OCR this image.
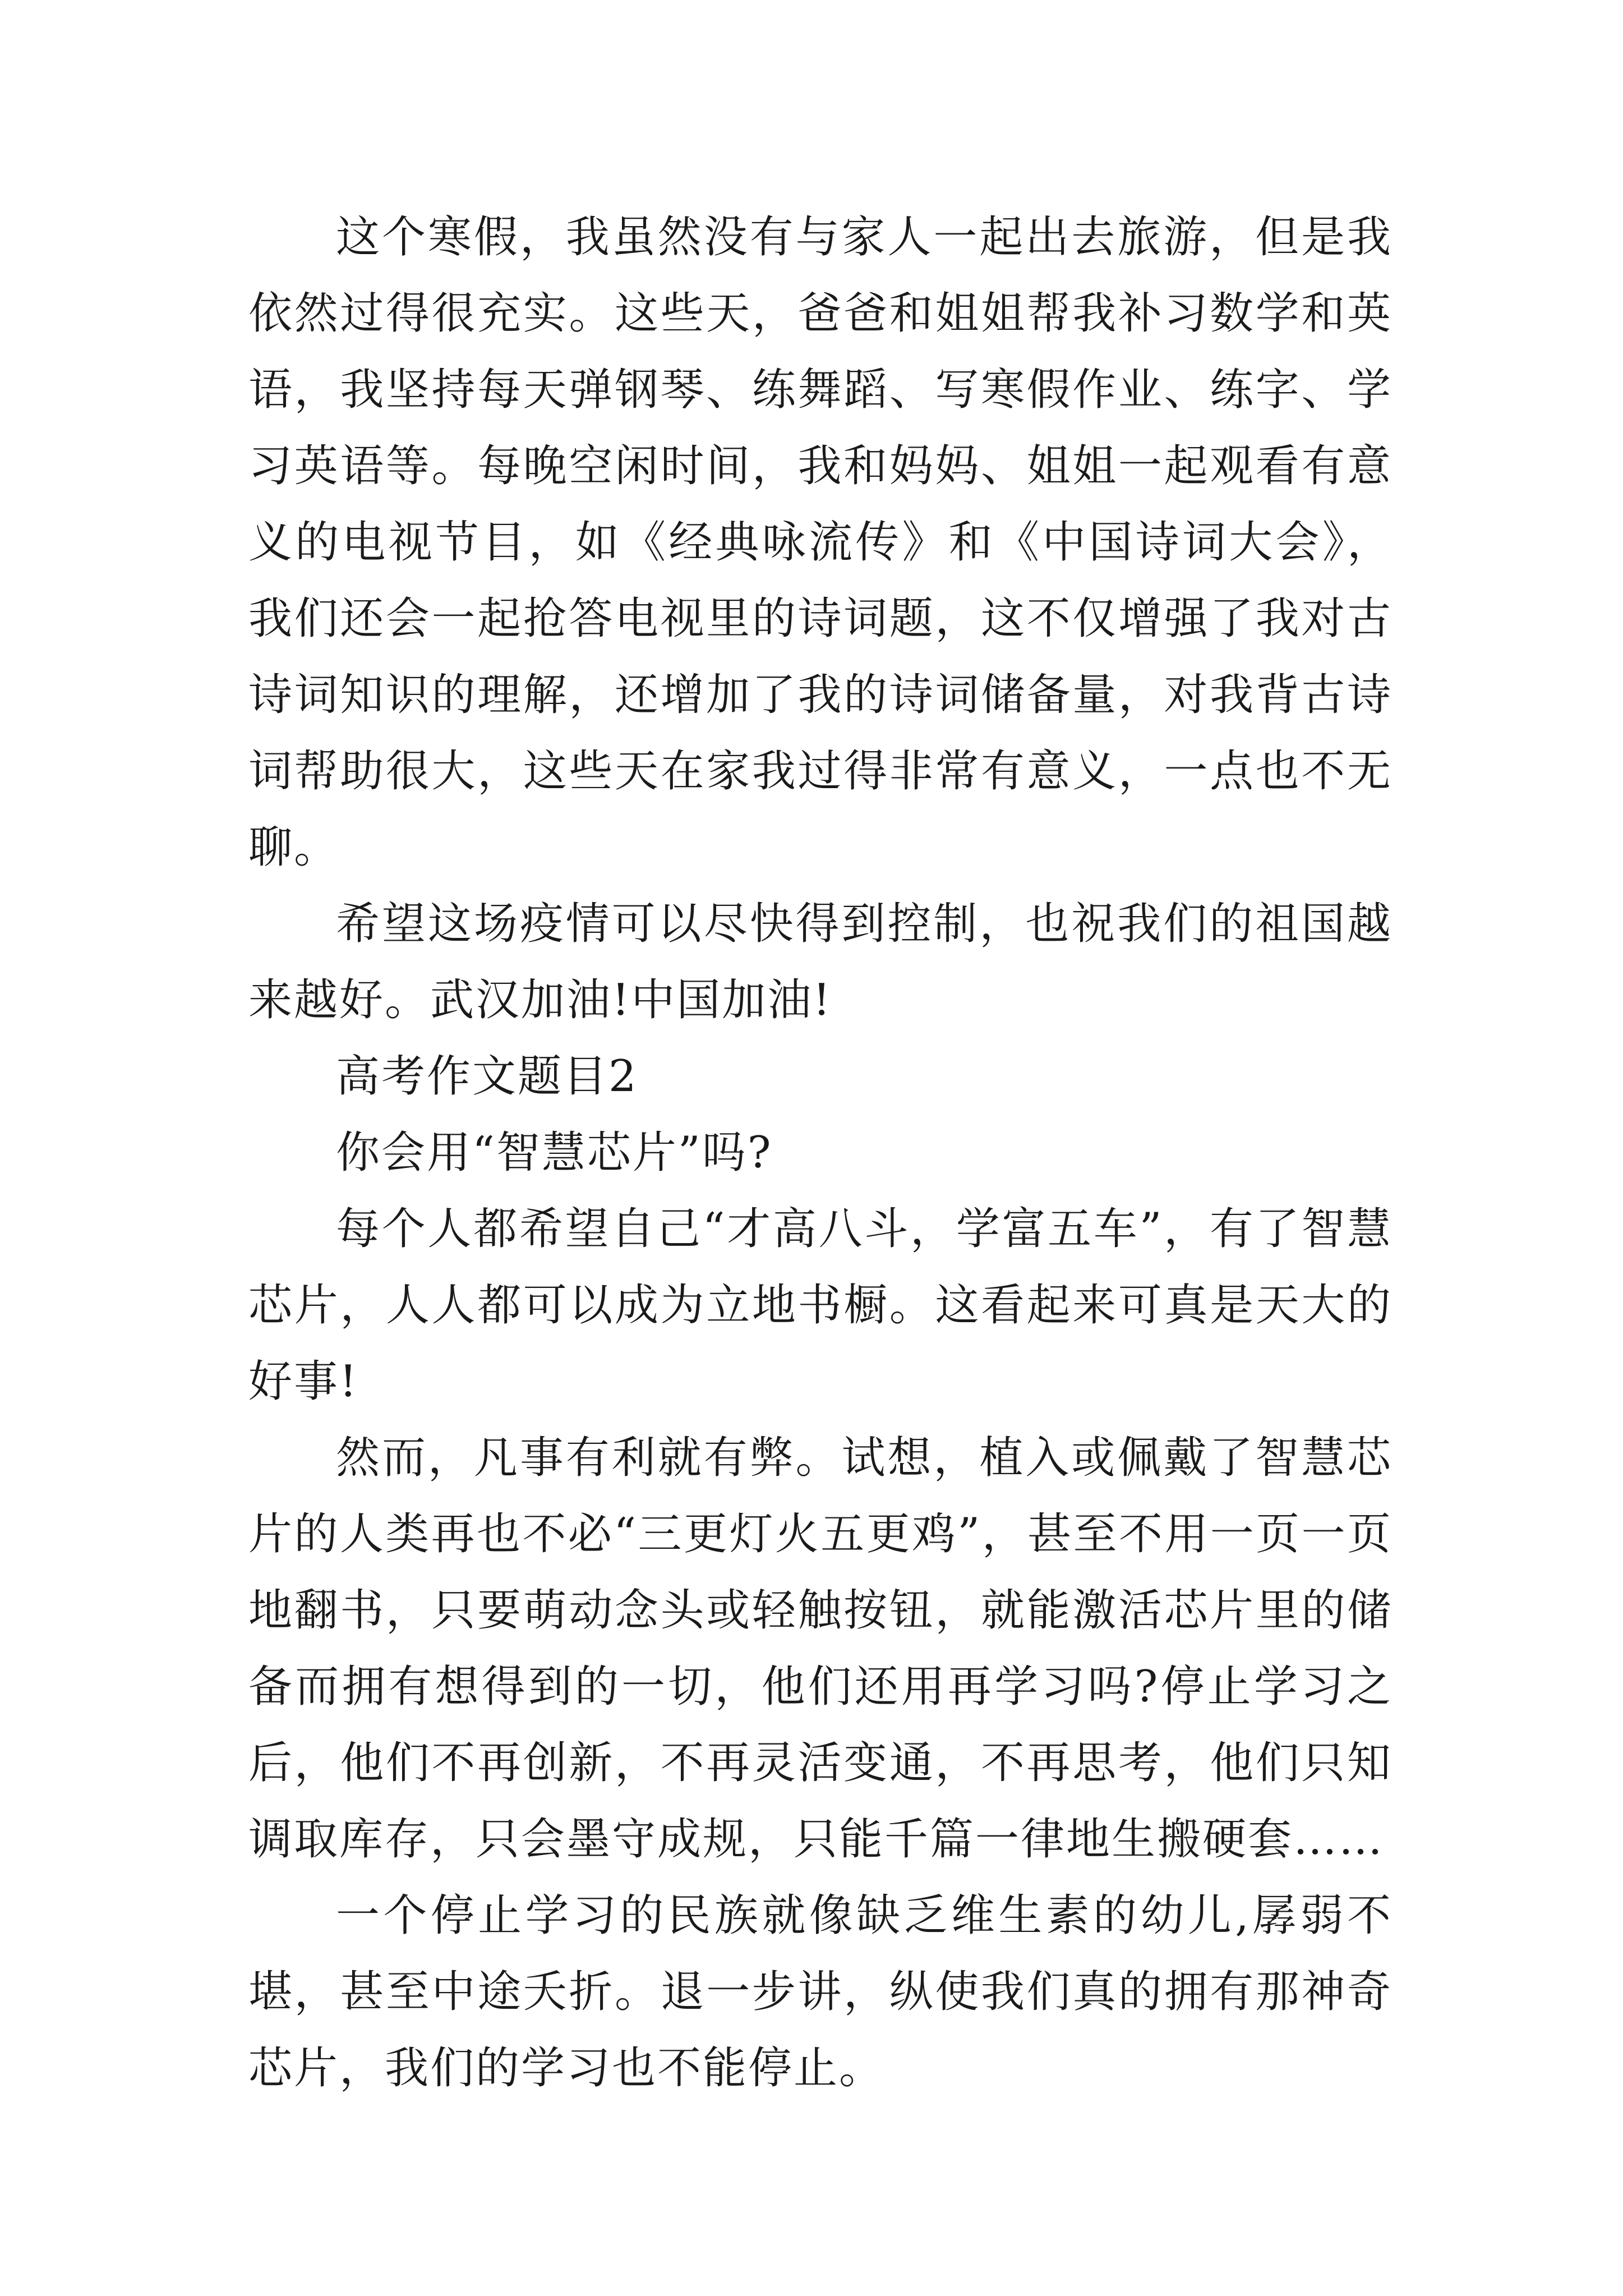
这个寒假，我虽然没有与家人一起出去旅游，但是我依然过得很充实。这些天，爸爸和姐姐帮我补习数学和英语，我坚持每天弹钢琴、练舞蹈、写寒假作业、练字、学习英语等。每晚空闲时间，我和妈妈、姐姐一起观看有意义的电视节目，如《经典咏流传》和《中国诗词大会》，我们还会一起抢答电视里的诗词题，这不仅增强了我对古诗词知识的理解，还增加了我的诗词储备量，对我背古诗词帮助很大，这些天在家我过得非常有意义，一点也不无聊。

希望这场疫情可以尽快得到控制，也祝我们的祖国越来越好。武汉加油!中国加油!

高考作文题目2

你会用“智慧芯片”吗?

每个人都希望自己“才高八斗，学富五车”，有了智慧芯片，人人都可以成为立地书橱。这看起来可真是天大的好事!

然而，凡事有利就有弊。试想，植入或佩戴了智慧芯片的人类再也不必“三更灯火五更鸡”，甚至不用一页一页地翻书，只要萌动念头或轻触按钮，就能激活芯片里的储备而拥有想得到的一切，他们还用再学习吗?停止学习之后，他们不再创新，不再灵活变通，不再思考，他们只知调取库存，只会墨守成规，只能千篇一律地生搬硬套……

一个停止学习的民族就像缺乏维生素的幼儿,孱弱不堪，甚至中途夭折。退一步讲，纵使我们真的拥有那神奇芯片，我们的学习也不能停止。
